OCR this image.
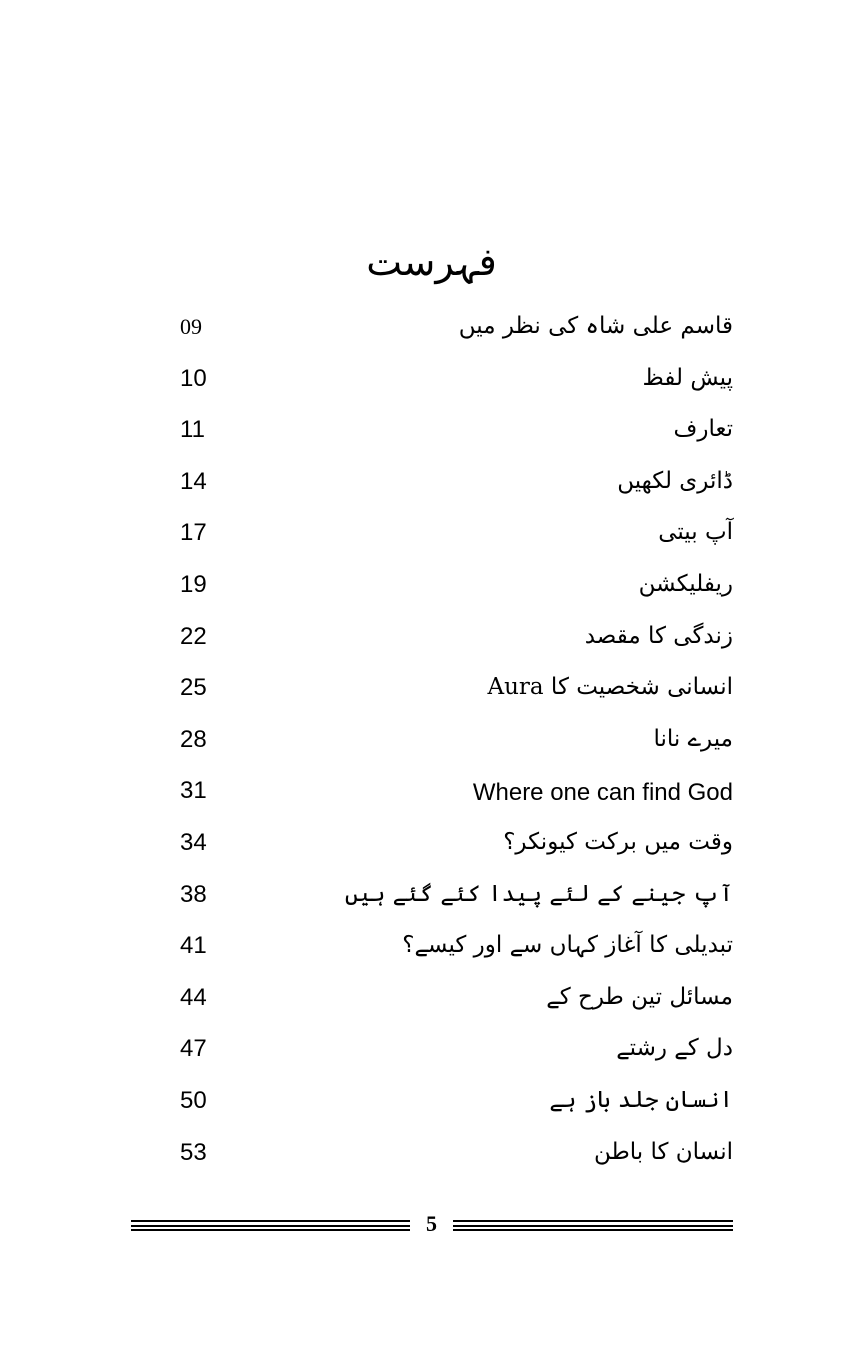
فہرست
قاسم علی شاہ کی نظر میں
09
پیش لفظ
10
تعارف
11
ڈائری لکھیں
14
آپ بیتی
17
ریفلیکشن
19
زندگی کا مقصد
22
انسانی شخصیت کا Aura
25
میرے نانا
28
Where one can find God
31
وقت میں برکت کیونکر؟
34
آپ جینے کے لئے پیدا کئے گئے ہیں
38
تبدیلی کا آغاز کہاں سے اور کیسے؟
41
مسائل تین طرح کے
44
دل کے رشتے
47
انسان جلد باز ہے
50
انسان کا باطن
53
5
